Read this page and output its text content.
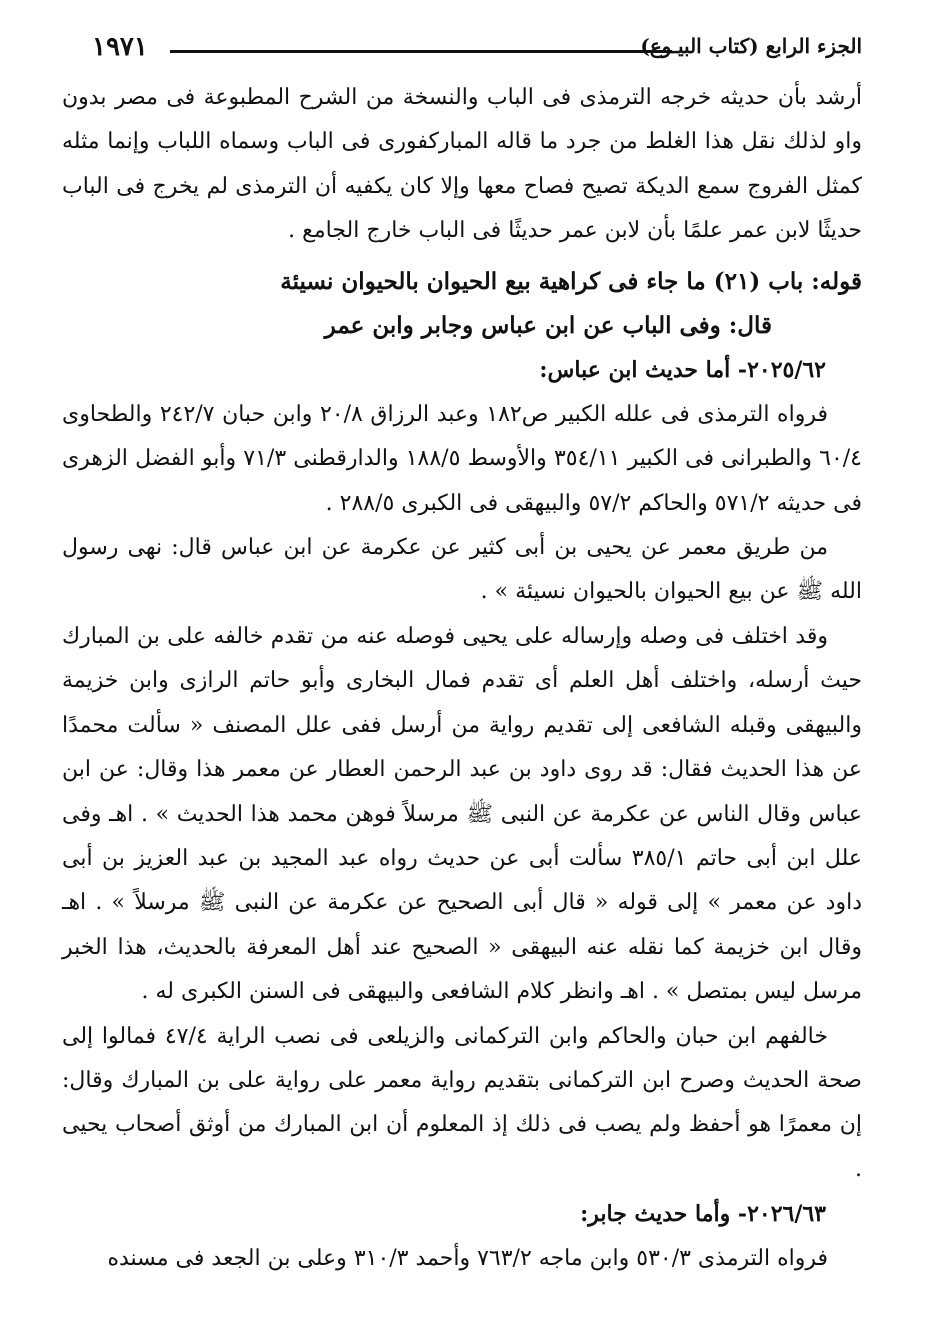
١٩٧١	الجزء الرابع (كتاب البيـوع)

أرشد بأن حديثه خرجه الترمذى فى الباب والنسخة من الشرح المطبوعة فى مصر بدون واو لذلك نقل هذا الغلط من جرد ما قاله المباركفورى فى الباب وسماه اللباب وإنما مثله كمثل الفروج سمع الديكة تصيح فصاح معها وإلا كان يكفيه أن الترمذى لم يخرج فى الباب حديثًا لابن عمر علمًا بأن لابن عمر حديثًا فى الباب خارج الجامع .

قوله: باب (٢١) ما جاء فى كراهية بيع الحيوان بالحيوان نسيئة

قال: وفى الباب عن ابن عباس وجابر وابن عمر

٢٠٢٥/٦٢- أما حديث ابن عباس:

فرواه الترمذى فى علله الكبير ص١٨٢ وعبد الرزاق ٢٠/٨ وابن حبان ٢٤٢/٧ والطحاوى ٦٠/٤ والطبرانى فى الكبير ٣٥٤/١١ والأوسط ١٨٨/٥ والدارقطنى ٧١/٣ وأبو الفضل الزهرى فى حديثه ٥٧١/٢ والحاكم ٥٧/٢ والبيهقى فى الكبرى ٢٨٨/٥ .

من طريق معمر عن يحيى بن أبى كثير عن عكرمة عن ابن عباس قال: نهى رسول الله ﷺ عن بيع الحيوان بالحيوان نسيئة » .

وقد اختلف فى وصله وإرساله على يحيى فوصله عنه من تقدم خالفه على بن المبارك حيث أرسله، واختلف أهل العلم أى تقدم فمال البخارى وأبو حاتم الرازى وابن خزيمة والبيهقى وقبله الشافعى إلى تقديم رواية من أرسل ففى علل المصنف « سألت محمدًا عن هذا الحديث فقال: قد روى داود بن عبد الرحمن العطار عن معمر هذا وقال: عن ابن عباس وقال الناس عن عكرمة عن النبى ﷺ مرسلاً فوهن محمد هذا الحديث » . اهـ وفى علل ابن أبى حاتم ٣٨٥/١ سألت أبى عن حديث رواه عبد المجيد بن عبد العزيز بن أبى داود عن معمر » إلى قوله « قال أبى الصحيح عن عكرمة عن النبى ﷺ مرسلاً » . اهـ وقال ابن خزيمة كما نقله عنه البيهقى « الصحيح عند أهل المعرفة بالحديث، هذا الخبر مرسل ليس بمتصل » . اهـ وانظر كلام الشافعى والبيهقى فى السنن الكبرى له .

خالفهم ابن حبان والحاكم وابن التركمانى والزيلعى فى نصب الراية ٤٧/٤ فمالوا إلى صحة الحديث وصرح ابن التركمانى بتقديم رواية معمر على رواية على بن المبارك وقال: إن معمرًا هو أحفظ ولم يصب فى ذلك إذ المعلوم أن ابن المبارك من أوثق أصحاب يحيى .

٢٠٢٦/٦٣- وأما حديث جابر:

فرواه الترمذى ٥٣٠/٣ وابن ماجه ٧٦٣/٢ وأحمد ٣١٠/٣ وعلى بن الجعد فى مسنده
